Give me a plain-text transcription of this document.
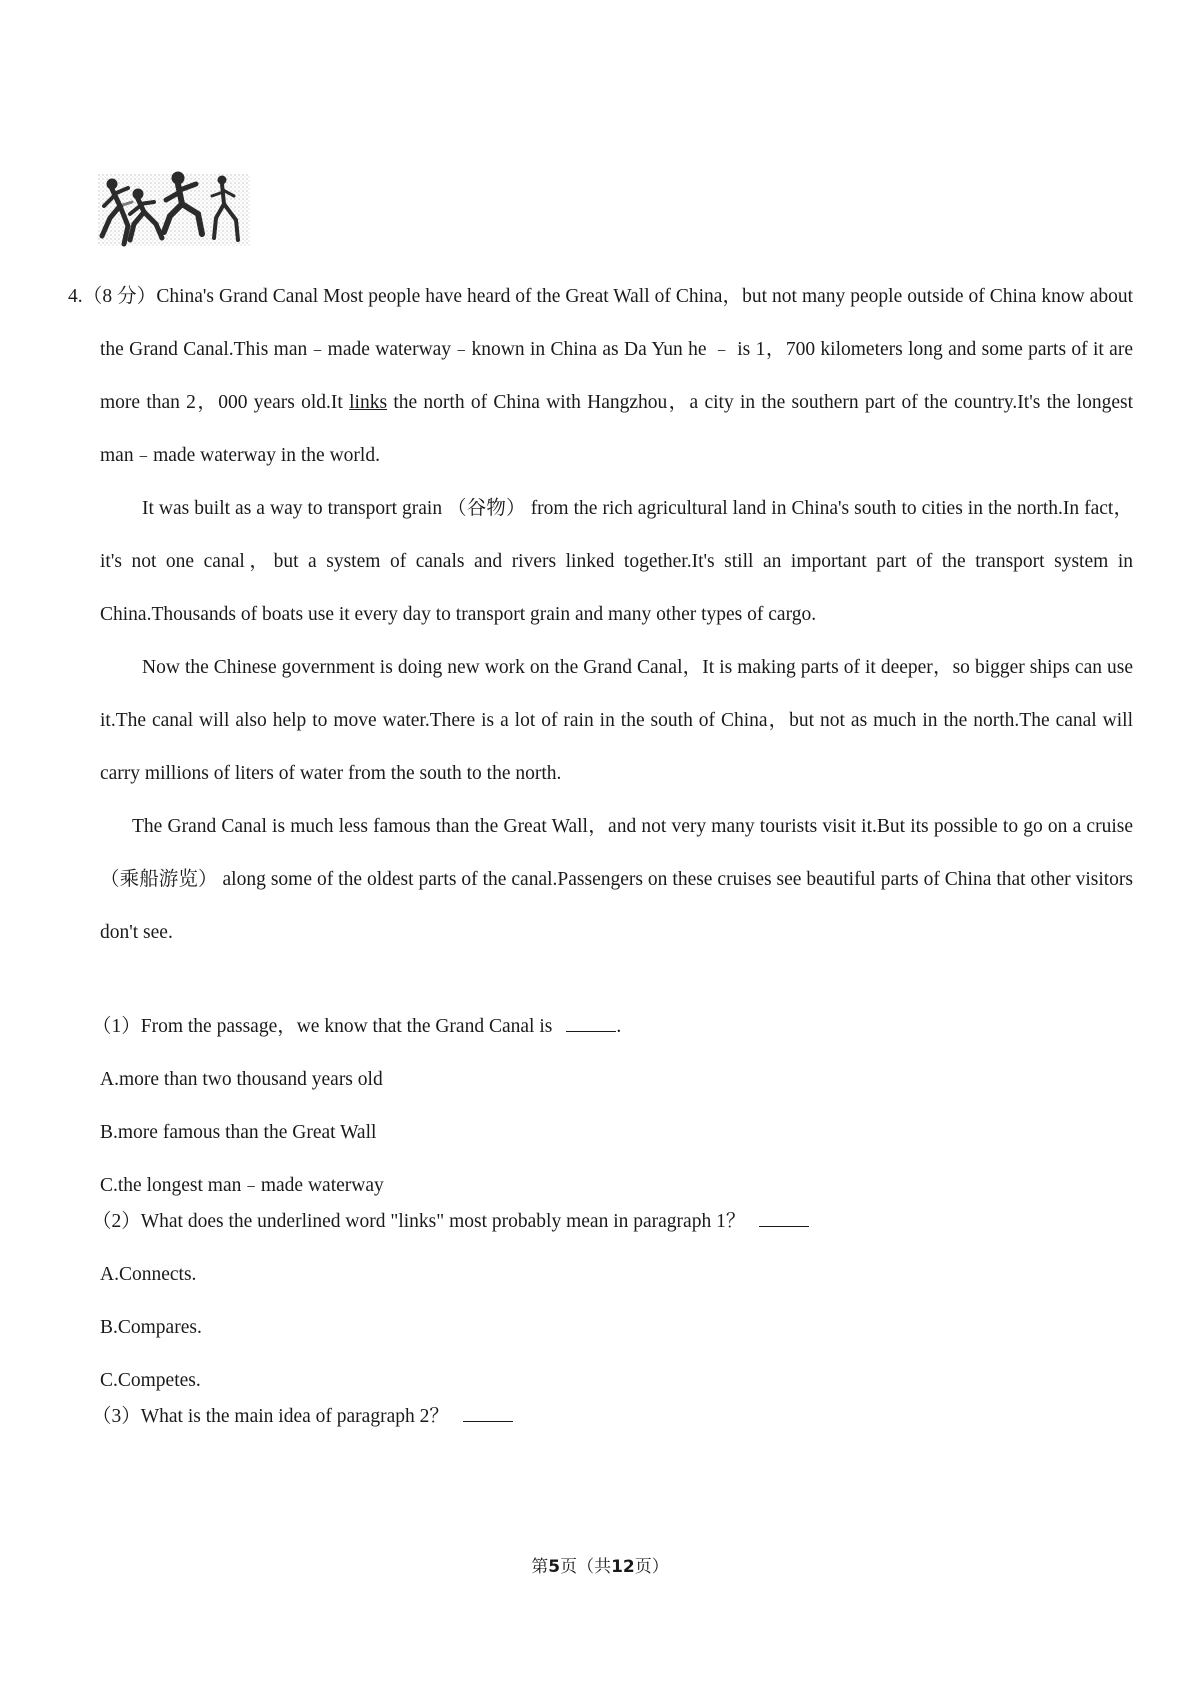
4.（8 分）China's Grand Canal Most people have heard of the Great Wall of China，but not many people outside of China know about the Grand Canal.This man﹣made waterway﹣known in China as Da Yun he ﹣ is 1，700 kilometers long and some parts of it are more than 2，000 years old.It links the north of China with Hangzhou，a city in the southern part of the country.It's the longest man﹣made waterway in the world.

It was built as a way to transport grain （谷物） from the rich agricultural land in China's south to cities in the north.In fact，it's not one canal，but a system of canals and rivers linked together.It's still an important part of the transport system in China.Thousands of boats use it every day to transport grain and many other types of cargo.

Now the Chinese government is doing new work on the Grand Canal，It is making parts of it deeper，so bigger ships can use it.The canal will also help to move water.There is a lot of rain in the south of China，but not as much in the north.The canal will carry millions of liters of water from the south to the north.

The Grand Canal is much less famous than the Great Wall，and not very many tourists visit it.But its possible to go on a cruise （乘船游览） along some of the oldest parts of the canal.Passengers on these cruises see beautiful parts of China that other visitors don't see.

（1）From the passage，we know that the Grand Canal is	.
A.more than two thousand years old
B.more famous than the Great Wall
C.the longest man﹣made waterway
（2）What does the underlined word "links" most probably mean in paragraph 1？
A.Connects.
B.Compares.
C.Competes.
（3）What is the main idea of paragraph 2？
第5页（共12页）
